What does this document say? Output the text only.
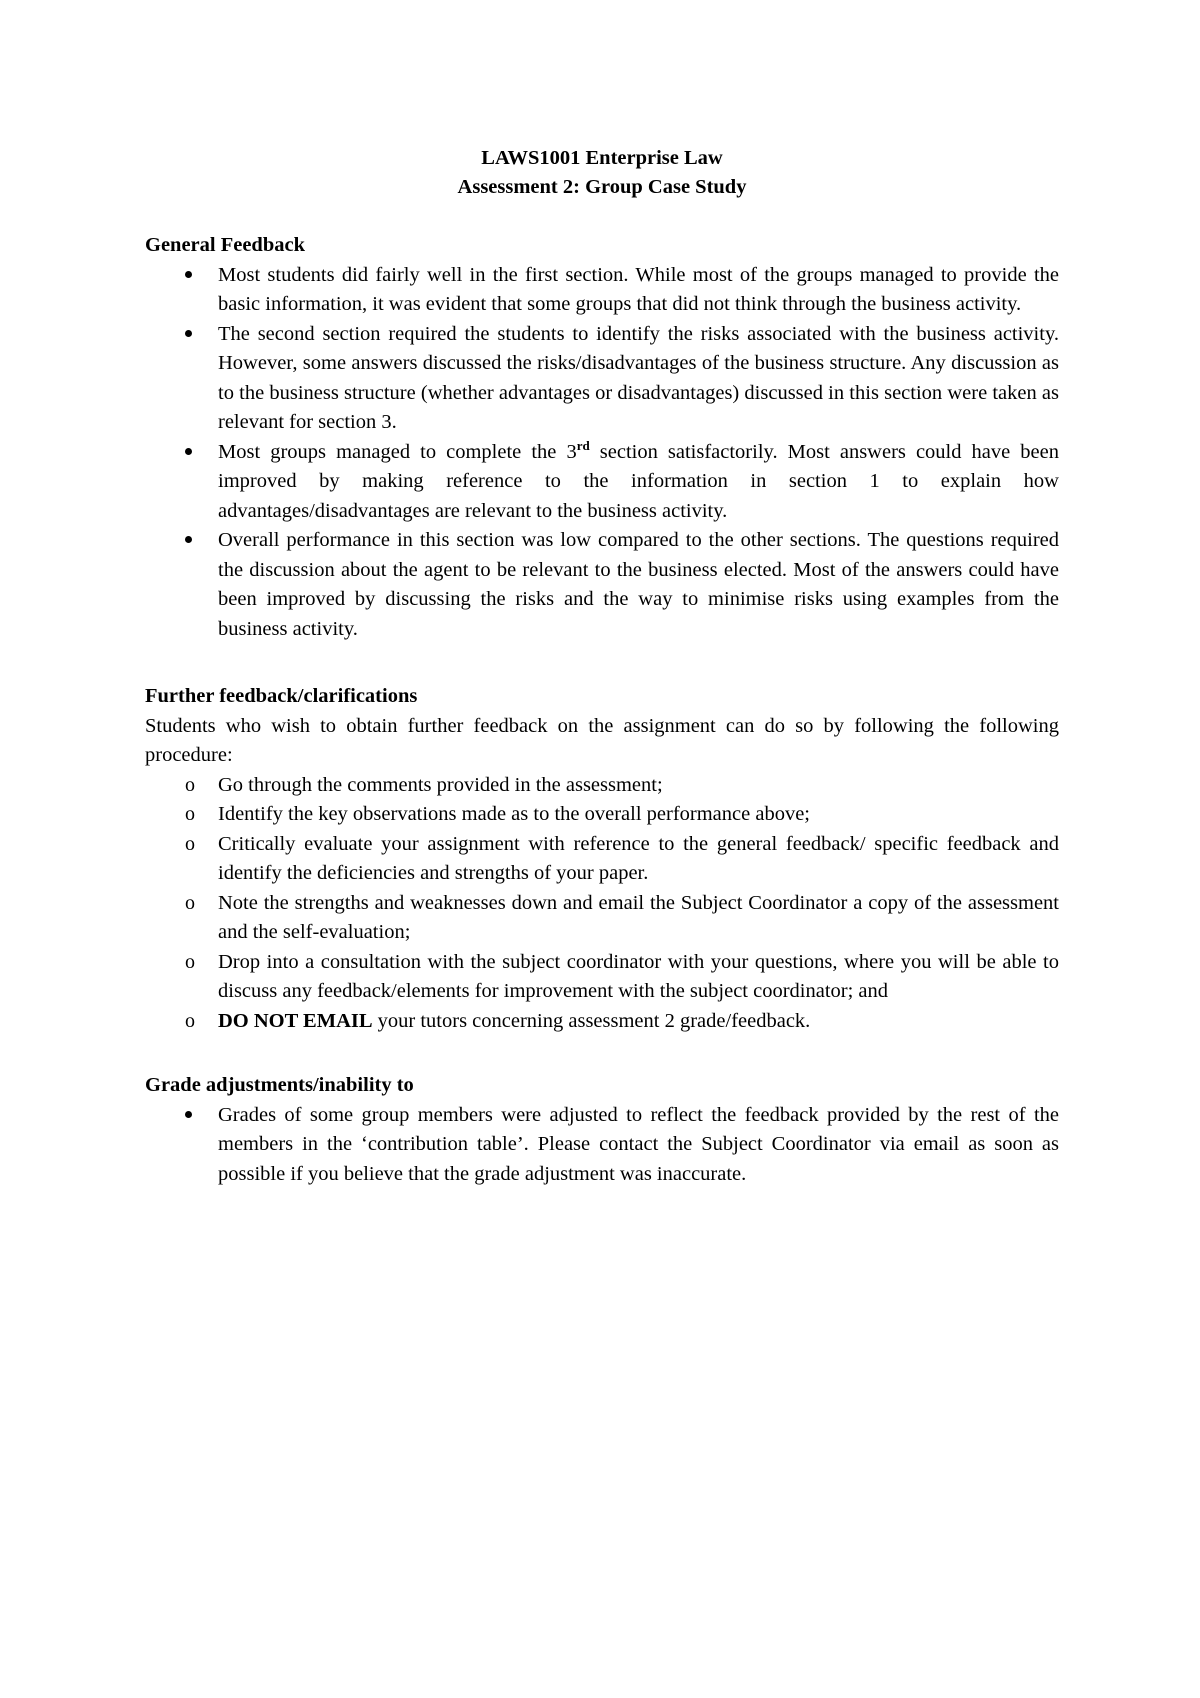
LAWS1001 Enterprise Law
Assessment 2: Group Case Study
General Feedback
Most students did fairly well in the first section. While most of the groups managed to provide the basic information, it was evident that some groups that did not think through the business activity.
The second section required the students to identify the risks associated with the business activity. However, some answers discussed the risks/disadvantages of the business structure. Any discussion as to the business structure (whether advantages or disadvantages) discussed in this section were taken as relevant for section 3.
Most groups managed to complete the 3rd section satisfactorily. Most answers could have been improved by making reference to the information in section 1 to explain how advantages/disadvantages are relevant to the business activity.
Overall performance in this section was low compared to the other sections. The questions required the discussion about the agent to be relevant to the business elected. Most of the answers could have been improved by discussing the risks and the way to minimise risks using examples from the business activity.
Further feedback/clarifications

Students who wish to obtain further feedback on the assignment can do so by following the following procedure:

o	Go through the comments provided in the assessment;
o	Identify the key observations made as to the overall performance above;
o	Critically evaluate your assignment with reference to the general feedback/ specific feedback and identify the deficiencies and strengths of your paper.
o	Note the strengths and weaknesses down and email the Subject Coordinator a copy of the assessment and the self-evaluation;
o	Drop into a consultation with the subject coordinator with your questions, where you will be able to discuss any feedback/elements for improvement with the subject coordinator; and
o	DO NOT EMAIL your tutors concerning assessment 2 grade/feedback.
Grade adjustments/inability to
Grades of some group members were adjusted to reflect the feedback provided by the rest of the members in the ‘contribution table’. Please contact the Subject Coordinator via email as soon as possible if you believe that the grade adjustment was inaccurate.
